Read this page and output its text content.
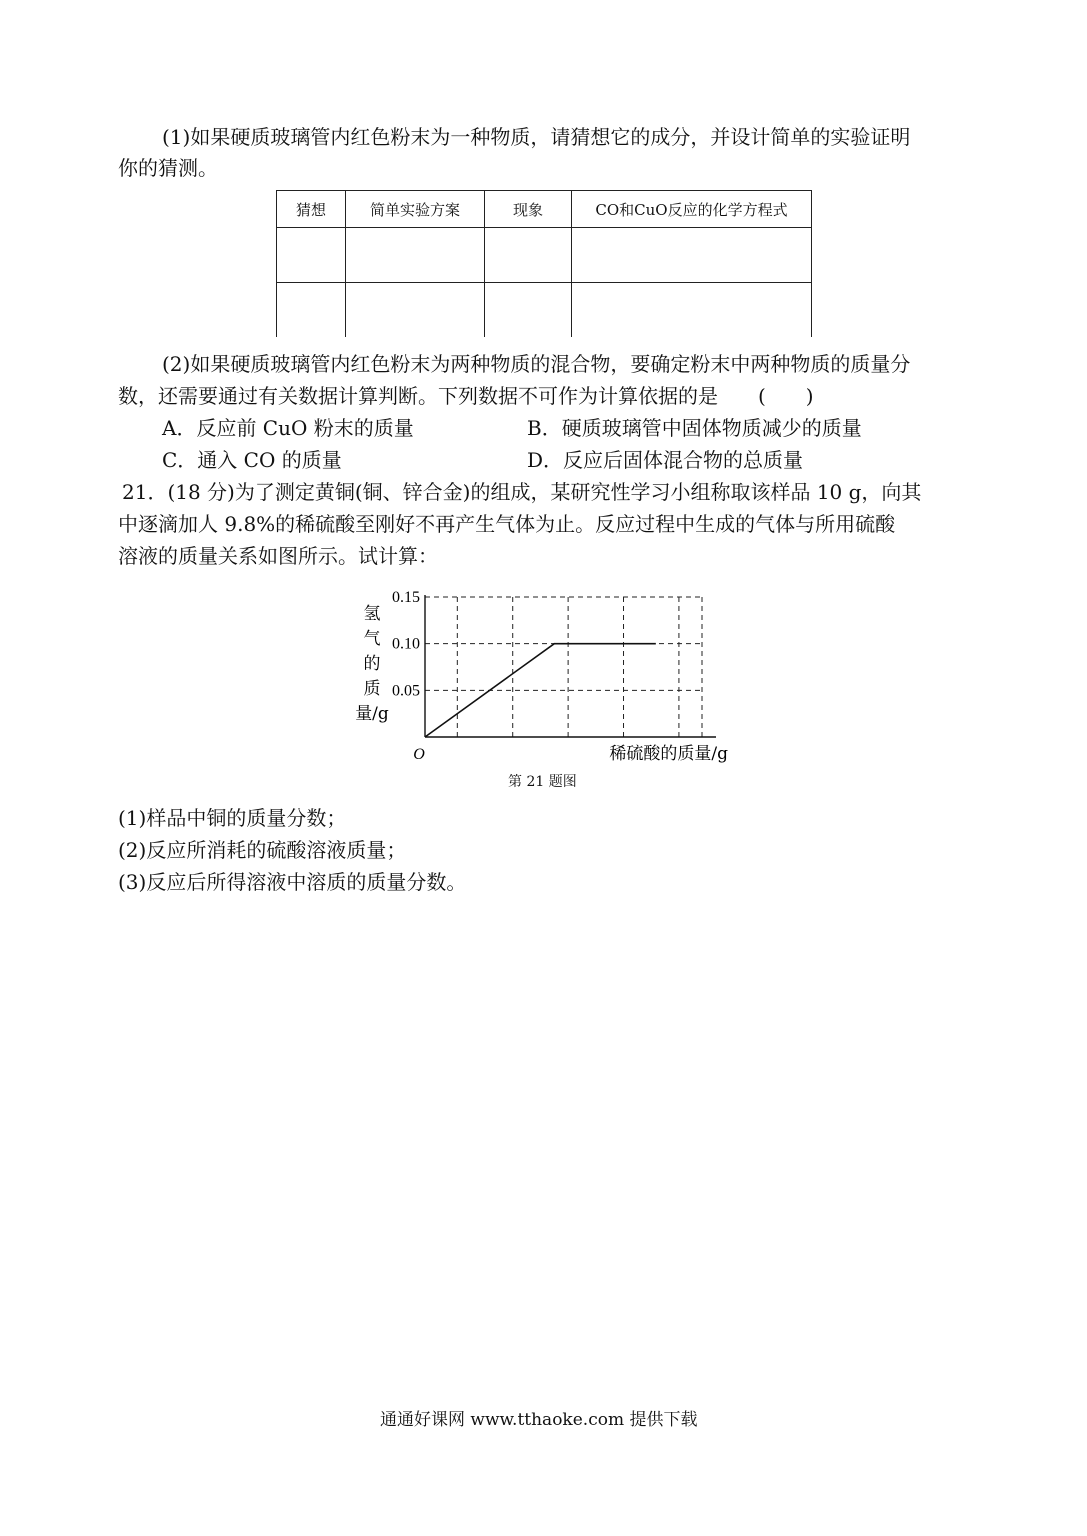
(1)如果硬质玻璃管内红色粉末为一种物质，请猜想它的成分，并设计简单的实验证明
你的猜测。
猜想	简单实验方案	现象	CO和CuO反应的化学方程式

(2)如果硬质玻璃管内红色粉末为两种物质的混合物，要确定粉末中两种物质的质量分
数，还需要通过有关数据计算判断。下列数据不可作为计算依据的是　　(　　)
A．反应前 CuO 粉末的质量	B．硬质玻璃管中固体物质减少的质量
C．通入 CO 的质量	D．反应后固体混合物的总质量
21．(18 分)为了测定黄铜(铜、锌合金)的组成，某研究性学习小组称取该样品 10 g，向其
中逐滴加人 9.8%的稀硫酸至刚好不再产生气体为止。反应过程中生成的气体与所用硫酸
溶液的质量关系如图所示。试计算：
0.15
0.10
0.05
O
氢
气
的
质
量/g
稀硫酸的质量/g
第 21 题图
(1)样品中铜的质量分数；
(2)反应所消耗的硫酸溶液质量；
(3)反应后所得溶液中溶质的质量分数。
通通好课网 www.tthaoke.com 提供下载
